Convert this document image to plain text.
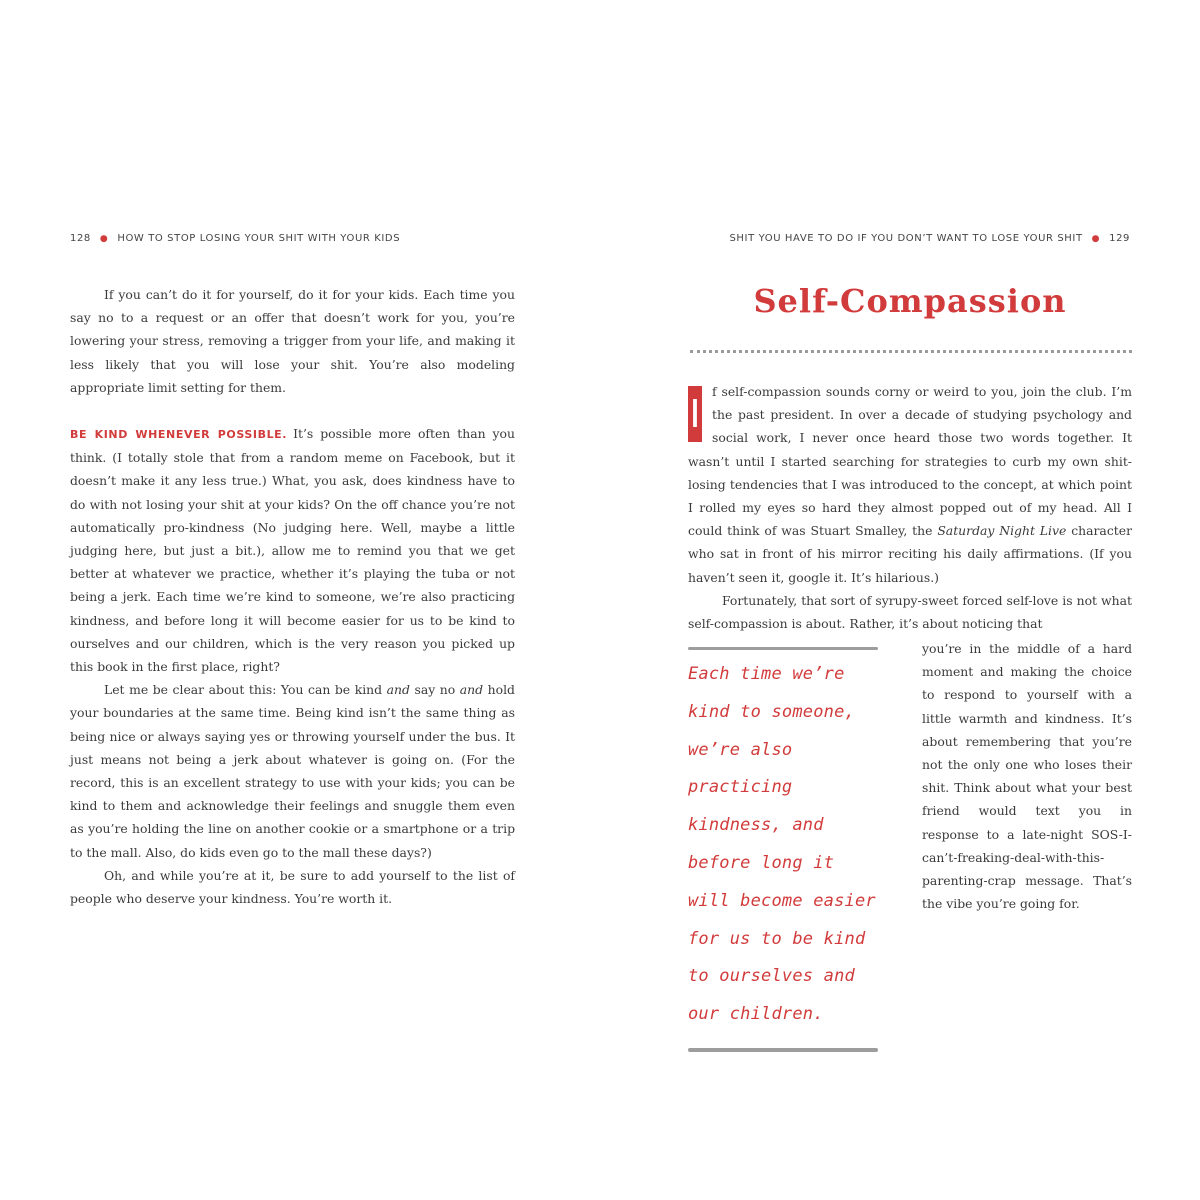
128 ● HOW TO STOP LOSING YOUR SHIT WITH YOUR KIDS

If you can’t do it for yourself, do it for your kids. Each time you say no to a request or an offer that doesn’t work for you, you’re lowering your stress, removing a trigger from your life, and making it less likely that you will lose your shit. You’re also modeling appropriate limit setting for them.

BE KIND WHENEVER POSSIBLE. It’s possible more often than you think. (I totally stole that from a random meme on Facebook, but it doesn’t make it any less true.) What, you ask, does kindness have to do with not losing your shit at your kids? On the off chance you’re not automatically pro-kindness (No judging here. Well, maybe a little judging here, but just a bit.), allow me to remind you that we get better at whatever we practice, whether it’s playing the tuba or not being a jerk. Each time we’re kind to someone, we’re also practicing kindness, and before long it will become easier for us to be kind to ourselves and our children, which is the very reason you picked up this book in the first place, right?

Let me be clear about this: You can be kind and say no and hold your boundaries at the same time. Being kind isn’t the same thing as being nice or always saying yes or throwing yourself under the bus. It just means not being a jerk about whatever is going on. (For the record, this is an excellent strategy to use with your kids; you can be kind to them and acknowledge their feelings and snuggle them even as you’re holding the line on another cookie or a smartphone or a trip to the mall. Also, do kids even go to the mall these days?)

Oh, and while you’re at it, be sure to add yourself to the list of people who deserve your kindness. You’re worth it.

SHIT YOU HAVE TO DO IF YOU DON’T WANT TO LOSE YOUR SHIT ● 129
Self-Compassion
I

f self-compassion sounds corny or weird to you, join the club. I’m the past president. In over a decade of studying psychology and social work, I never once heard those two words together. It wasn’t until I started searching for strategies to curb my own shit-losing tendencies that I was introduced to the concept, at which point I rolled my eyes so hard they almost popped out of my head. All I could think of was Stuart Smalley, the Saturday Night Live character who sat in front of his mirror reciting his daily affirmations. (If you haven’t seen it, google it. It’s hilarious.)

Fortunately, that sort of syrupy-sweet forced self-love is not what self-compassion is about. Rather, it’s about noticing that

Each time we’re kind to someone, we’re also practicing kindness, and before long it will become easier for us to be kind to ourselves and our children.

you’re in the middle of a hard moment and making the choice to respond to yourself with a little warmth and kindness. It’s about remembering that you’re not the only one who loses their shit. Think about what your best friend would text you in response to a late-night SOS-I-can’t-freaking-deal-with-this-parenting-crap message. That’s the vibe you’re going for.
